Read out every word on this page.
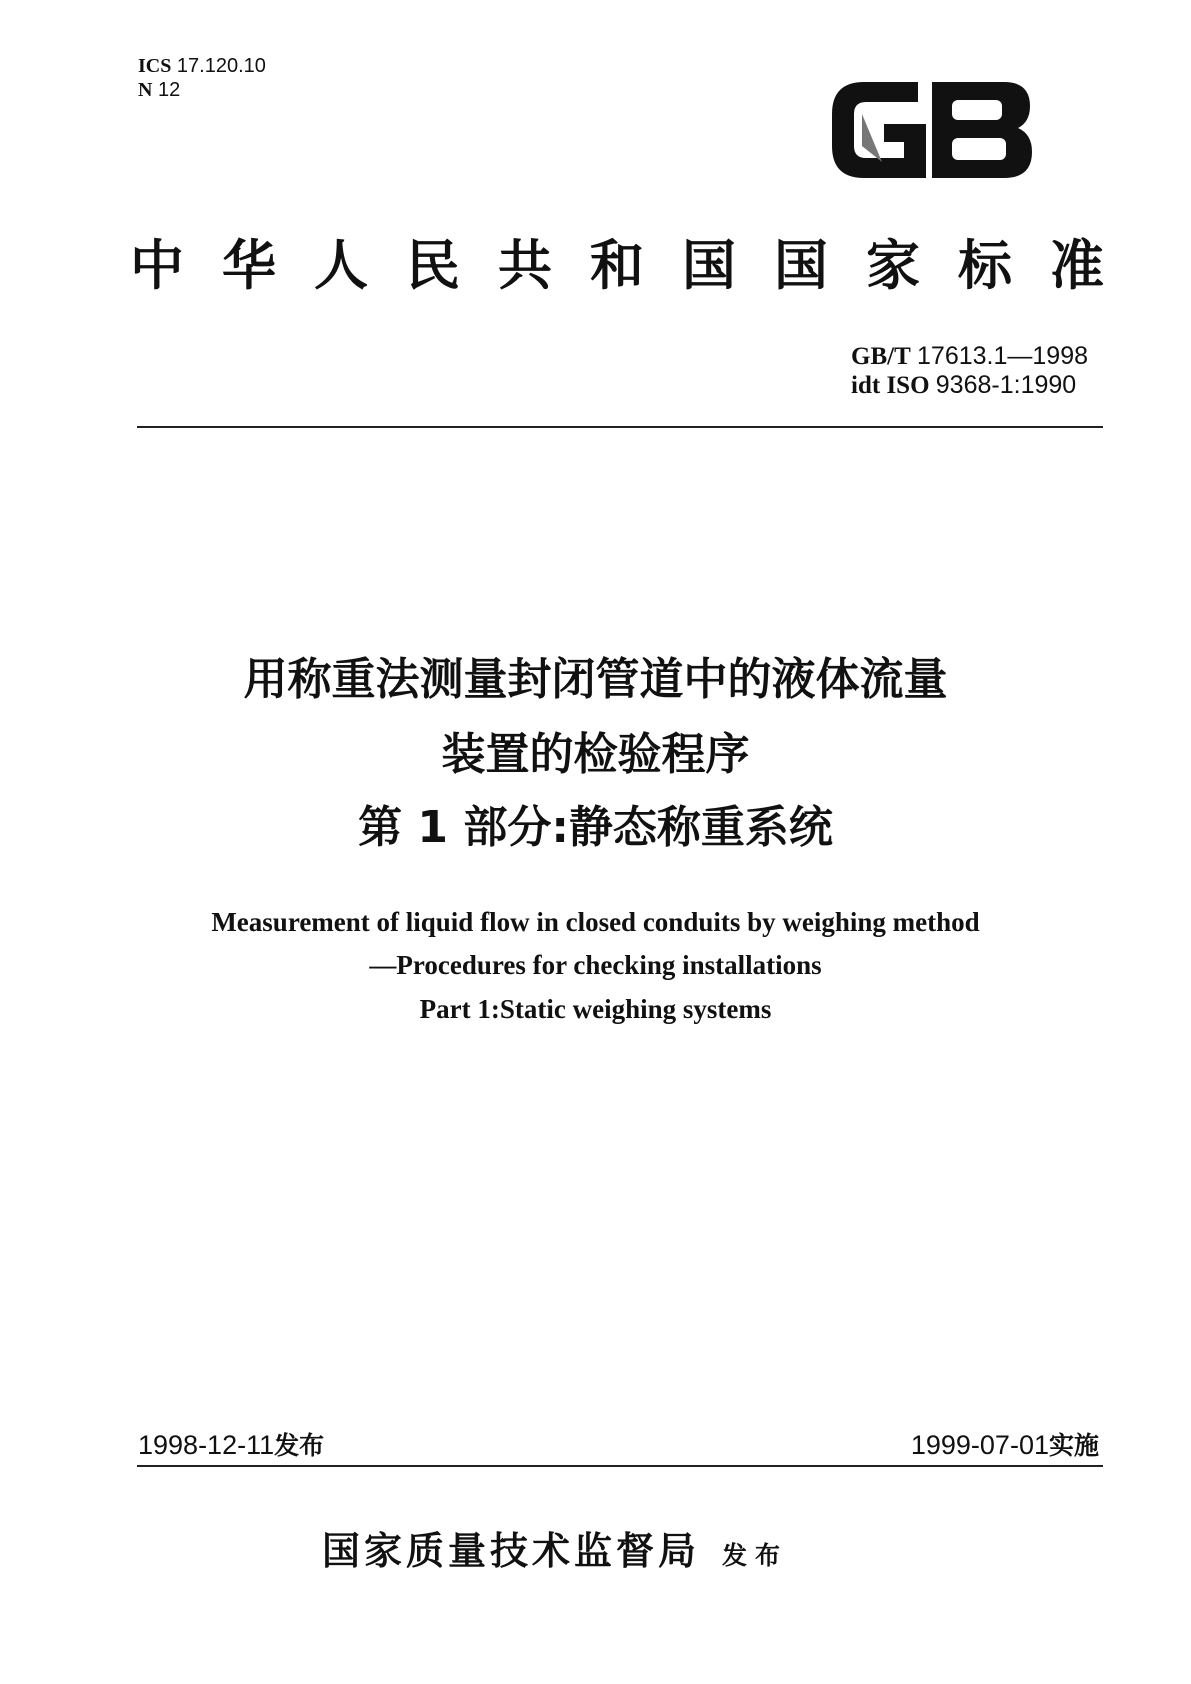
ICS 17.120.10
N 12
GB
中华人民共和国国家标准
GB/T 17613.1—1998
idt ISO 9368-1:1990
用称重法测量封闭管道中的液体流量
装置的检验程序
第 1 部分:静态称重系统
Measurement of liquid flow in closed conduits by weighing method
—Procedures for checking installations
Part 1:Static weighing systems
1998-12-11发布	1999-07-01实施
国家质量技术监督局 发布
